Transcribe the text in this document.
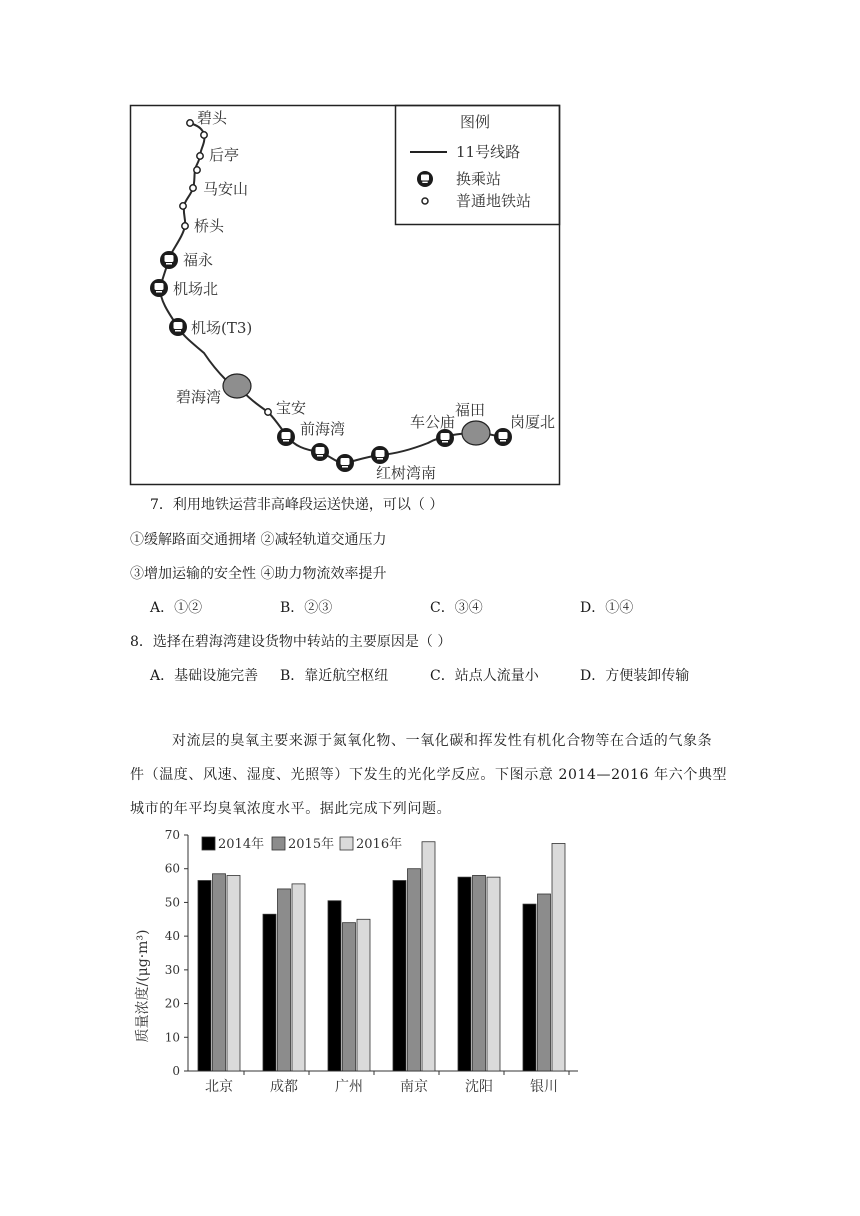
碧头
后亭
马安山
桥头
福永
机场北
机场(T3)
碧海湾
宝安
前海湾
红树湾南
车公庙
福田
岗厦北
图例
11号线路
换乘站
普通地铁站
7．利用地铁运营非高峰段运送快递，可以（ ）
①缓解路面交通拥堵 ②减轻轨道交通压力
③增加运输的安全性 ④助力物流效率提升
A．①②	B．②③	C．③④	D．①④
8．选择在碧海湾建设货物中转站的主要原因是（ ）
A．基础设施完善 B．靠近航空枢纽	C．站点人流量小	D．方便装卸传输
对流层的臭氧主要来源于氮氧化物、一氧化碳和挥发性有机化合物等在合适的气象条
件（温度、风速、湿度、光照等）下发生的光化学反应。下图示意 2014—2016 年六个典型
城市的年平均臭氧浓度水平。据此完成下列问题。
0
10
20
30
40
50
60
70
北京	成都	广州	南京	沈阳	银川
2014年 2015年 2016年
质量浓度/(μg·m³)
